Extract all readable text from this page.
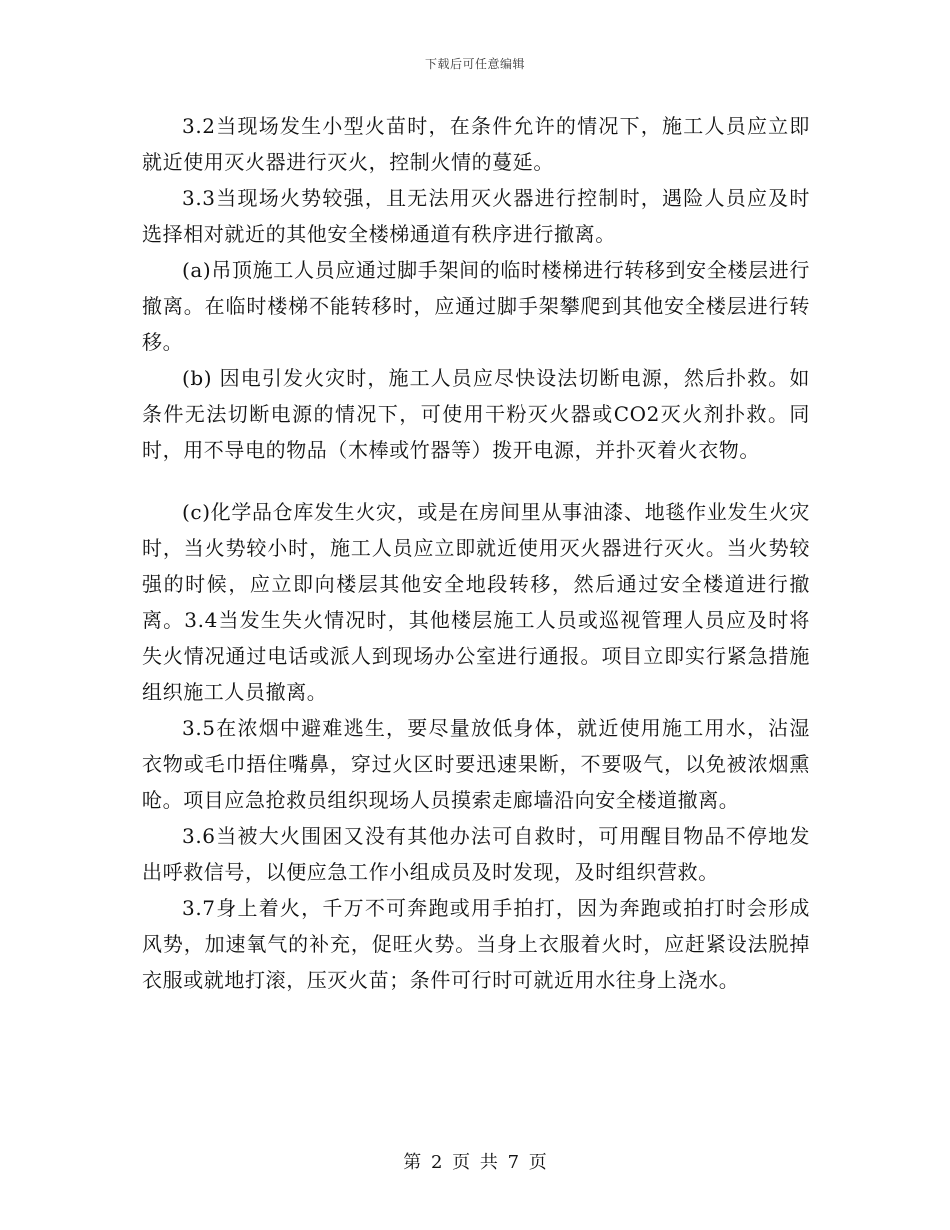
下载后可任意编辑

3.2当现场发生小型火苗时，在条件允许的情况下，施工人员应立即就近使用灭火器进行灭火，控制火情的蔓延。

3.3当现场火势较强，且无法用灭火器进行控制时，遇险人员应及时选择相对就近的其他安全楼梯通道有秩序进行撤离。

(a)吊顶施工人员应通过脚手架间的临时楼梯进行转移到安全楼层进行撤离。在临时楼梯不能转移时，应通过脚手架攀爬到其他安全楼层进行转移。

(b) 因电引发火灾时，施工人员应尽快设法切断电源，然后扑救。如条件无法切断电源的情况下，可使用干粉灭火器或CO2灭火剂扑救。同时，用不导电的物品（木棒或竹器等）拨开电源，并扑灭着火衣物。

(c)化学品仓库发生火灾，或是在房间里从事油漆、地毯作业发生火灾时，当火势较小时，施工人员应立即就近使用灭火器进行灭火。当火势较强的时候，应立即向楼层其他安全地段转移，然后通过安全楼道进行撤离。3.4当发生失火情况时，其他楼层施工人员或巡视管理人员应及时将失火情况通过电话或派人到现场办公室进行通报。项目立即实行紧急措施组织施工人员撤离。

3.5在浓烟中避难逃生，要尽量放低身体，就近使用施工用水，沾湿衣物或毛巾捂住嘴鼻，穿过火区时要迅速果断，不要吸气，以免被浓烟熏呛。项目应急抢救员组织现场人员摸索走廊墙沿向安全楼道撤离。

3.6当被大火围困又没有其他办法可自救时，可用醒目物品不停地发出呼救信号，以便应急工作小组成员及时发现，及时组织营救。

3.7身上着火，千万不可奔跑或用手拍打，因为奔跑或拍打时会形成风势，加速氧气的补充，促旺火势。当身上衣服着火时，应赶紧设法脱掉衣服或就地打滚，压灭火苗；条件可行时可就近用水往身上浇水。

第 2 页 共 7 页
